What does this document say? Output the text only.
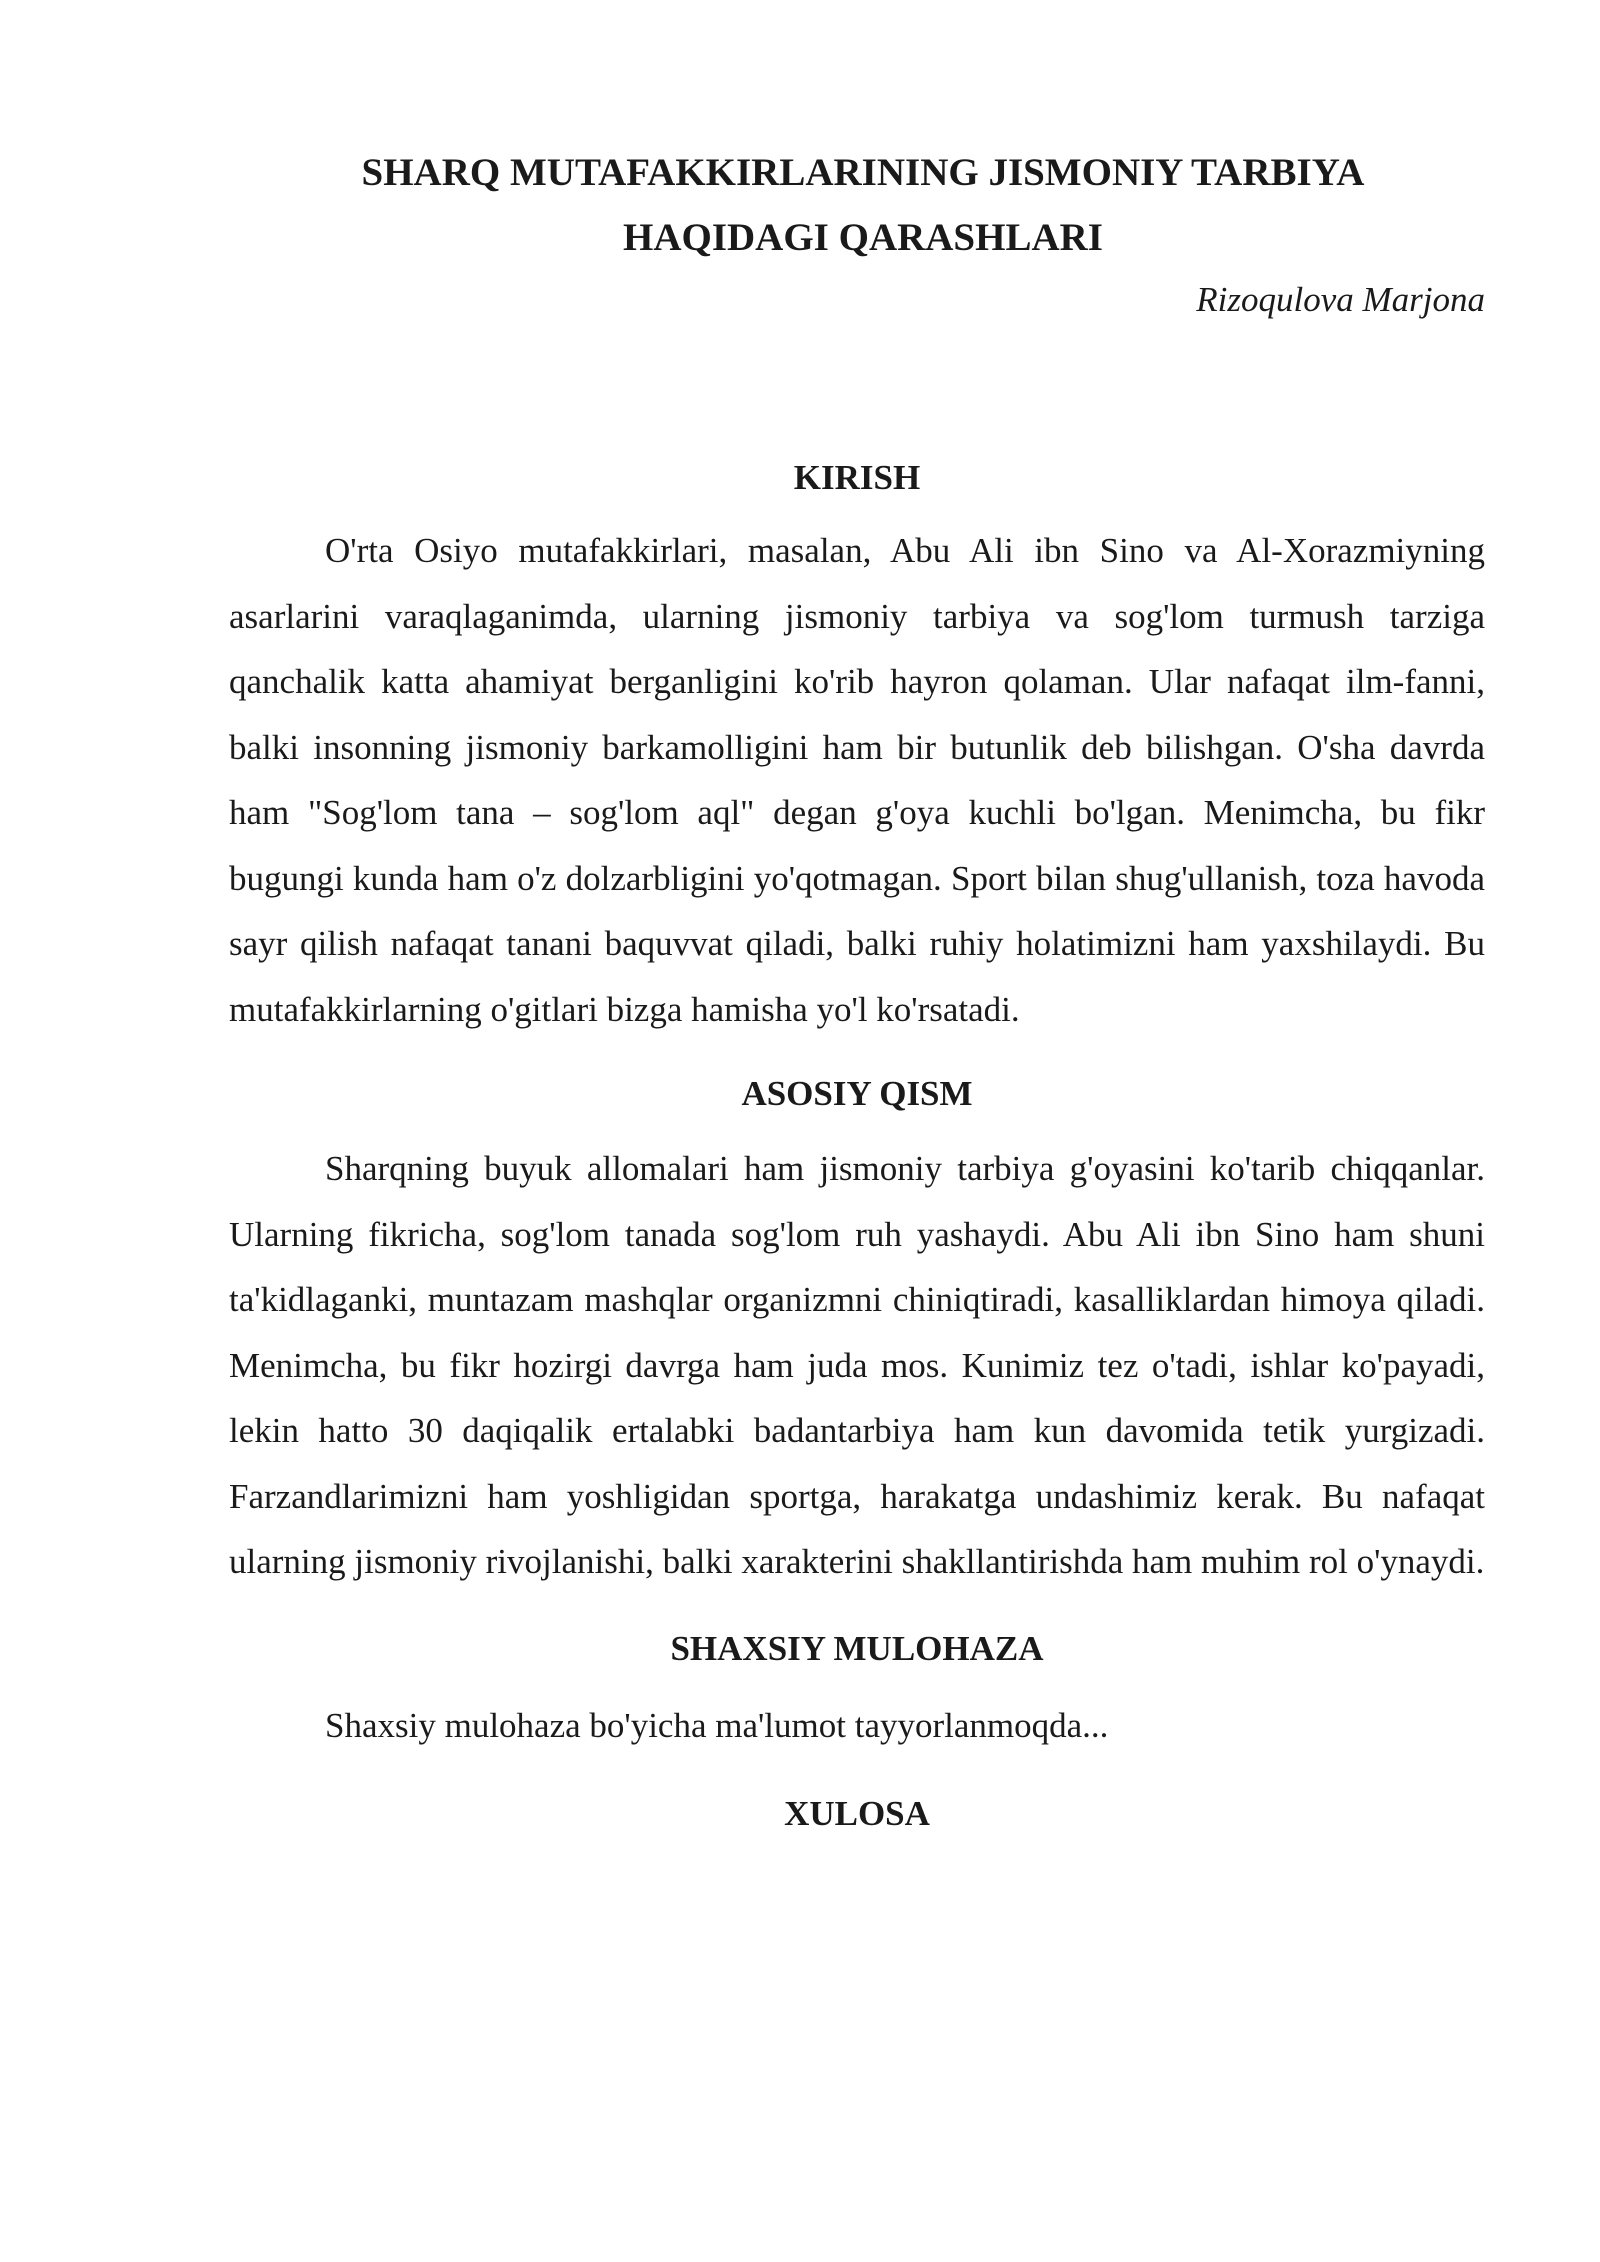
SHARQ MUTAFAKKIRLARINING JISMONIY TARBIYA
HAQIDAGI QARASHLARI

Rizoqulova Marjona

KIRISH

O'rta Osiyo mutafakkirlari, masalan, Abu Ali ibn Sino va Al-Xorazmiyning asarlarini varaqlaganimda, ularning jismoniy tarbiya va sog'lom turmush tarziga qanchalik katta ahamiyat berganligini ko'rib hayron qolaman. Ular nafaqat ilm-fanni, balki insonning jismoniy barkamolligini ham bir butunlik deb bilishgan. O'sha davrda ham "Sog'lom tana – sog'lom aql" degan g'oya kuchli bo'lgan. Menimcha, bu fikr bugungi kunda ham o'z dolzarbligini yo'qotmagan. Sport bilan shug'ullanish, toza havoda sayr qilish nafaqat tanani baquvvat qiladi, balki ruhiy holatimizni ham yaxshilaydi. Bu mutafakkirlarning o'gitlari bizga hamisha yo'l ko'rsatadi.

ASOSIY QISM

Sharqning buyuk allomalari ham jismoniy tarbiya g'oyasini ko'tarib chiqqanlar. Ularning fikricha, sog'lom tanada sog'lom ruh yashaydi. Abu Ali ibn Sino ham shuni ta'kidlaganki, muntazam mashqlar organizmni chiniqtiradi, kasalliklardan himoya qiladi. Menimcha, bu fikr hozirgi davrga ham juda mos. Kunimiz tez o'tadi, ishlar ko'payadi, lekin hatto 30 daqiqalik ertalabki badantarbiya ham kun davomida tetik yurgizadi. Farzandlarimizni ham yoshligidan sportga, harakatga undashimiz kerak. Bu nafaqat ularning jismoniy rivojlanishi, balki xarakterini shakllantirishda ham muhim rol o'ynaydi.

SHAXSIY MULOHAZA

Shaxsiy mulohaza bo'yicha ma'lumot tayyorlanmoqda...

XULOSA
